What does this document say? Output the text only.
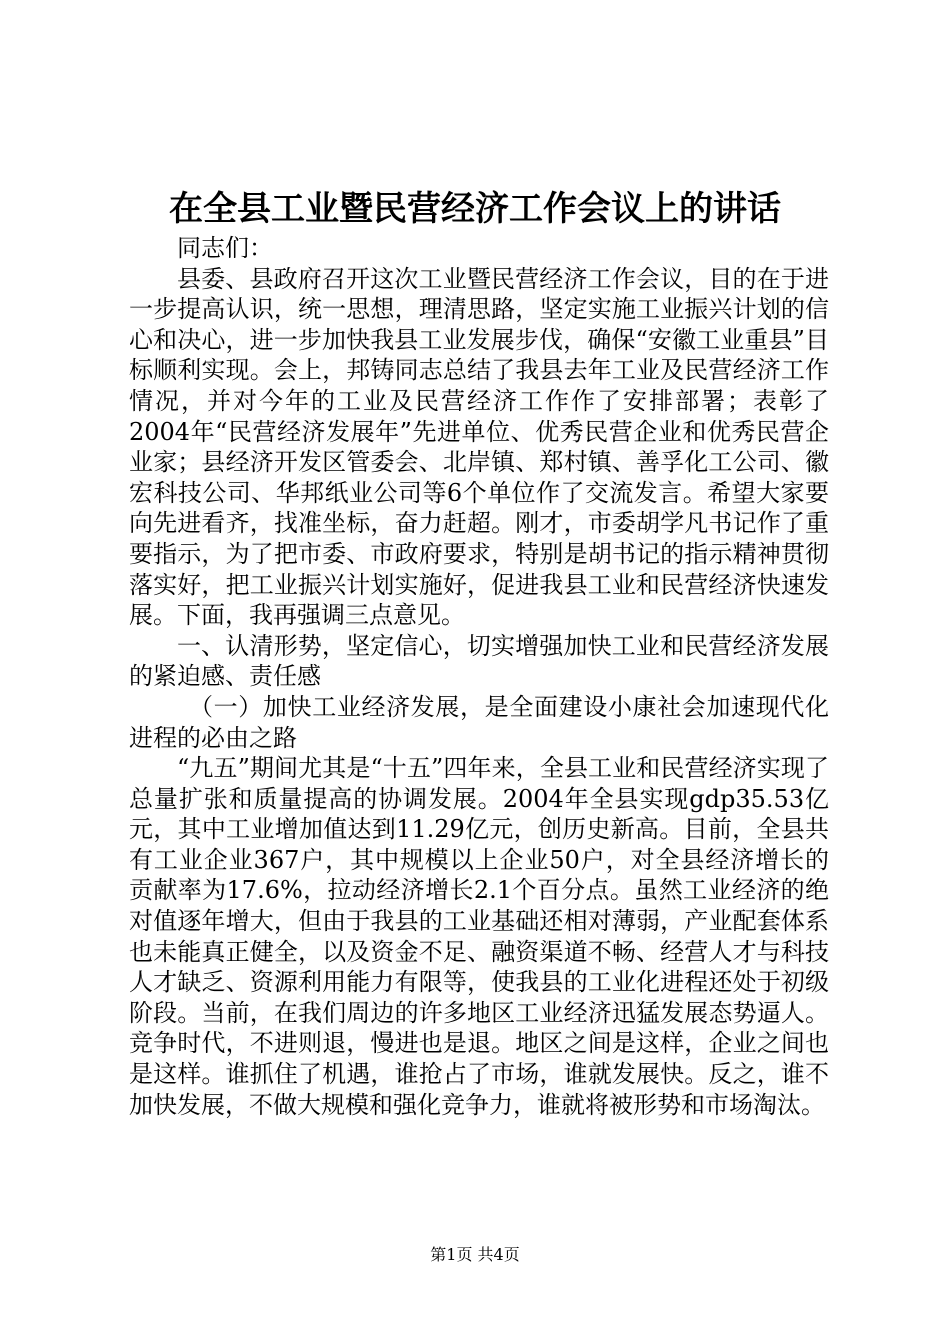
在全县工业暨民营经济工作会议上的讲话

同志们：

县委、县政府召开这次工业暨民营经济工作会议，目的在于进一步提高认识，统一思想，理清思路，坚定实施工业振兴计划的信心和决心，进一步加快我县工业发展步伐，确保“安徽工业重县”目标顺利实现。会上，邦铸同志总结了我县去年工业及民营经济工作情况，并对今年的工业及民营经济工作作了安排部署；表彰了2004年“民营经济发展年”先进单位、优秀民营企业和优秀民营企业家；县经济开发区管委会、北岸镇、郑村镇、善孚化工公司、徽宏科技公司、华邦纸业公司等6个单位作了交流发言。希望大家要向先进看齐，找准坐标，奋力赶超。刚才，市委胡学凡书记作了重要指示，为了把市委、市政府要求，特别是胡书记的指示精神贯彻落实好，把工业振兴计划实施好，促进我县工业和民营经济快速发展。下面，我再强调三点意见。

一、认清形势，坚定信心，切实增强加快工业和民营经济发展的紧迫感、责任感

（一）加快工业经济发展，是全面建设小康社会加速现代化进程的必由之路

“九五”期间尤其是“十五”四年来，全县工业和民营经济实现了总量扩张和质量提高的协调发展。2004年全县实现gdp35.53亿元，其中工业增加值达到11.29亿元，创历史新高。目前，全县共有工业企业367户，其中规模以上企业50户，对全县经济增长的贡献率为17.6%，拉动经济增长2.1个百分点。虽然工业经济的绝对值逐年增大，但由于我县的工业基础还相对薄弱，产业配套体系也未能真正健全，以及资金不足、融资渠道不畅、经营人才与科技人才缺乏、资源利用能力有限等，使我县的工业化进程还处于初级阶段。当前，在我们周边的许多地区工业经济迅猛发展态势逼人。竞争时代，不进则退，慢进也是退。地区之间是这样，企业之间也是这样。谁抓住了机遇，谁抢占了市场，谁就发展快。反之，谁不加快发展，不做大规模和强化竞争力，谁就将被形势和市场淘汰。

第1页 共4页
